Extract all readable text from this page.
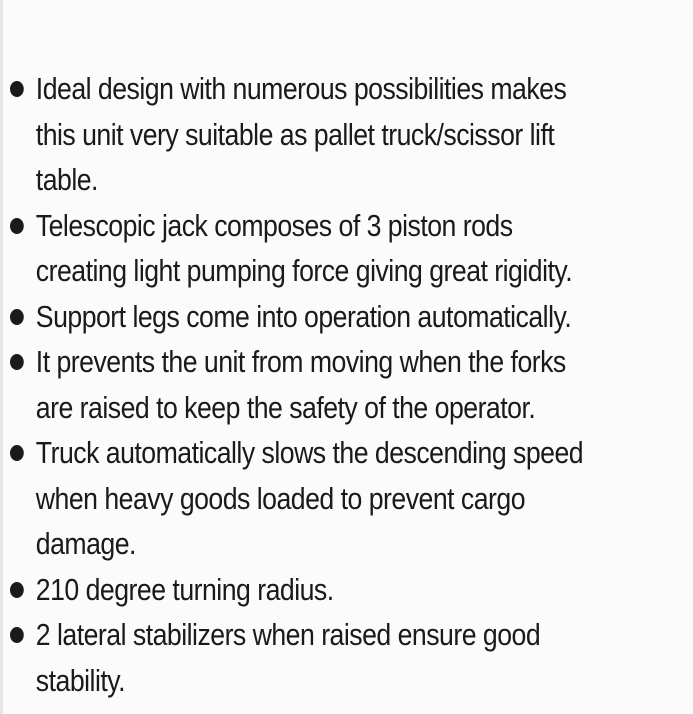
Ideal design with numerous possibilities makes
this unit very suitable as pallet truck/scissor lift
table.
Telescopic jack composes of 3 piston rods
creating light pumping force giving great rigidity.
Support legs come into operation automatically.
It prevents the unit from moving when the forks
are raised to keep the safety of the operator.
Truck automatically slows the descending speed
when heavy goods loaded to prevent cargo
damage.
210 degree turning radius.
2 lateral stabilizers when raised ensure good
stability.
